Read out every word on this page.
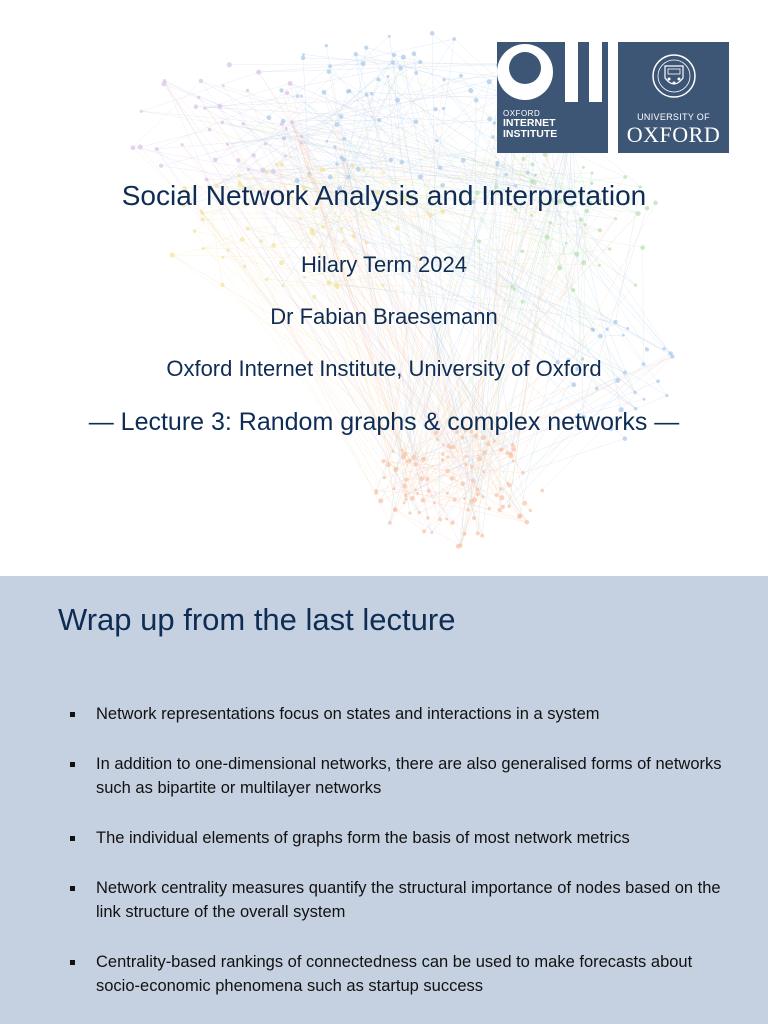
OXFORD
INTERNET
INSTITUTE
UNIVERSITY OF
OXFORD
Social Network Analysis and Interpretation
Hilary Term 2024
Dr Fabian Braesemann
Oxford Internet Institute, University of Oxford
— Lecture 3: Random graphs & complex networks —
Wrap up from the last lecture
Network representations focus on states and interactions in a system
In addition to one-dimensional networks, there are also generalised forms of networks such as bipartite or multilayer networks
The individual elements of graphs form the basis of most network metrics
Network centrality measures quantify the structural importance of nodes based on the link structure of the overall system
Centrality-based rankings of connectedness can be used to make forecasts about socio-economic phenomena such as startup success
